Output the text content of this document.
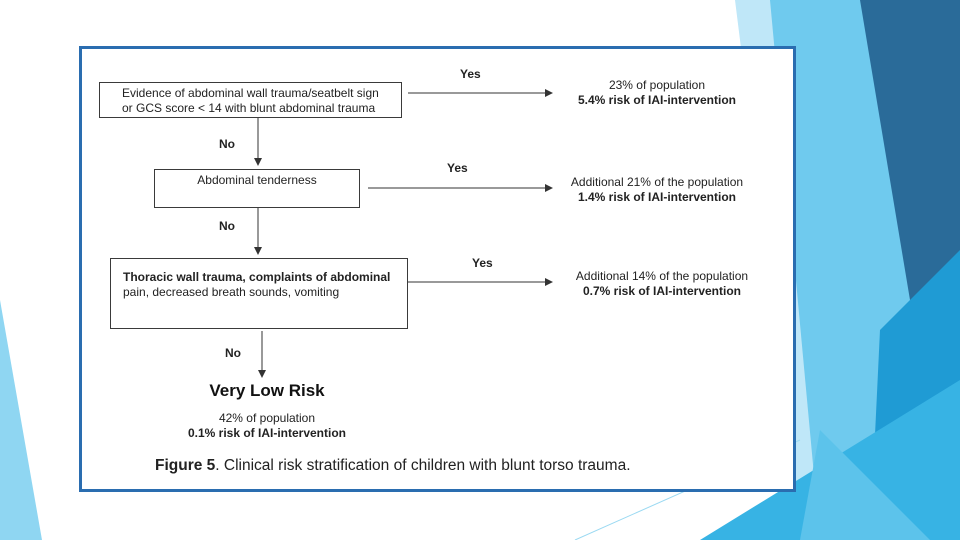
Evidence of abdominal wall trauma/seatbelt sign
or GCS score < 14 with blunt abdominal trauma
Yes
No
23% of population
5.4% risk of IAI-intervention
Abdominal tenderness
Yes
No
Additional 21% of the population
1.4% risk of IAI-intervention
Thoracic wall trauma, complaints of abdominal
pain, decreased breath sounds, vomiting
Yes
No
Additional 14% of the population
0.7% risk of IAI-intervention
Very Low Risk
42% of population
0.1% risk of IAI-intervention
Figure 5. Clinical risk stratification of children with blunt torso trauma.
